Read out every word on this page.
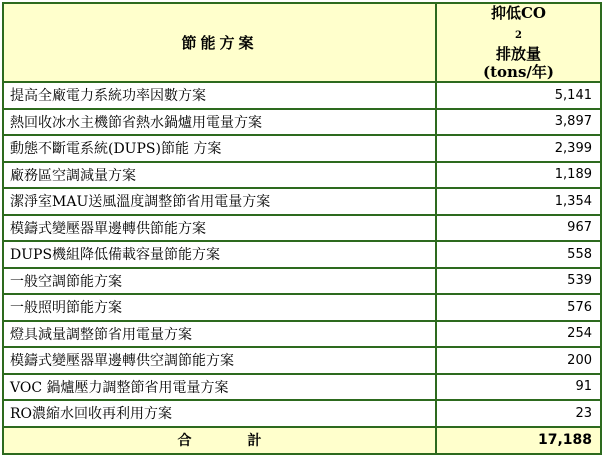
節能方案	抑低CO
$_2$
排放量
(tons/年)

提高全廠電力系統功率因數方案	5,141
熱回收冰水主機節省熱水鍋爐用電量方案	3,897
動態不斷電系統(DUPS)節能 方案	2,399
廠務區空調減量方案	1,189
潔淨室MAU送風溫度調整節省用電量方案	1,354
模鑄式變壓器單邊轉供節能方案	967
DUPS機組降低備載容量節能方案	558
一般空調節能方案	539
一般照明節能方案	576
燈具減量調整節省用電量方案	254
模鑄式變壓器單邊轉供空調節能方案	200
VOC 鍋爐壓力調整節省用電量方案	91
RO濃縮水回收再利用方案	23
合 計	17,188
